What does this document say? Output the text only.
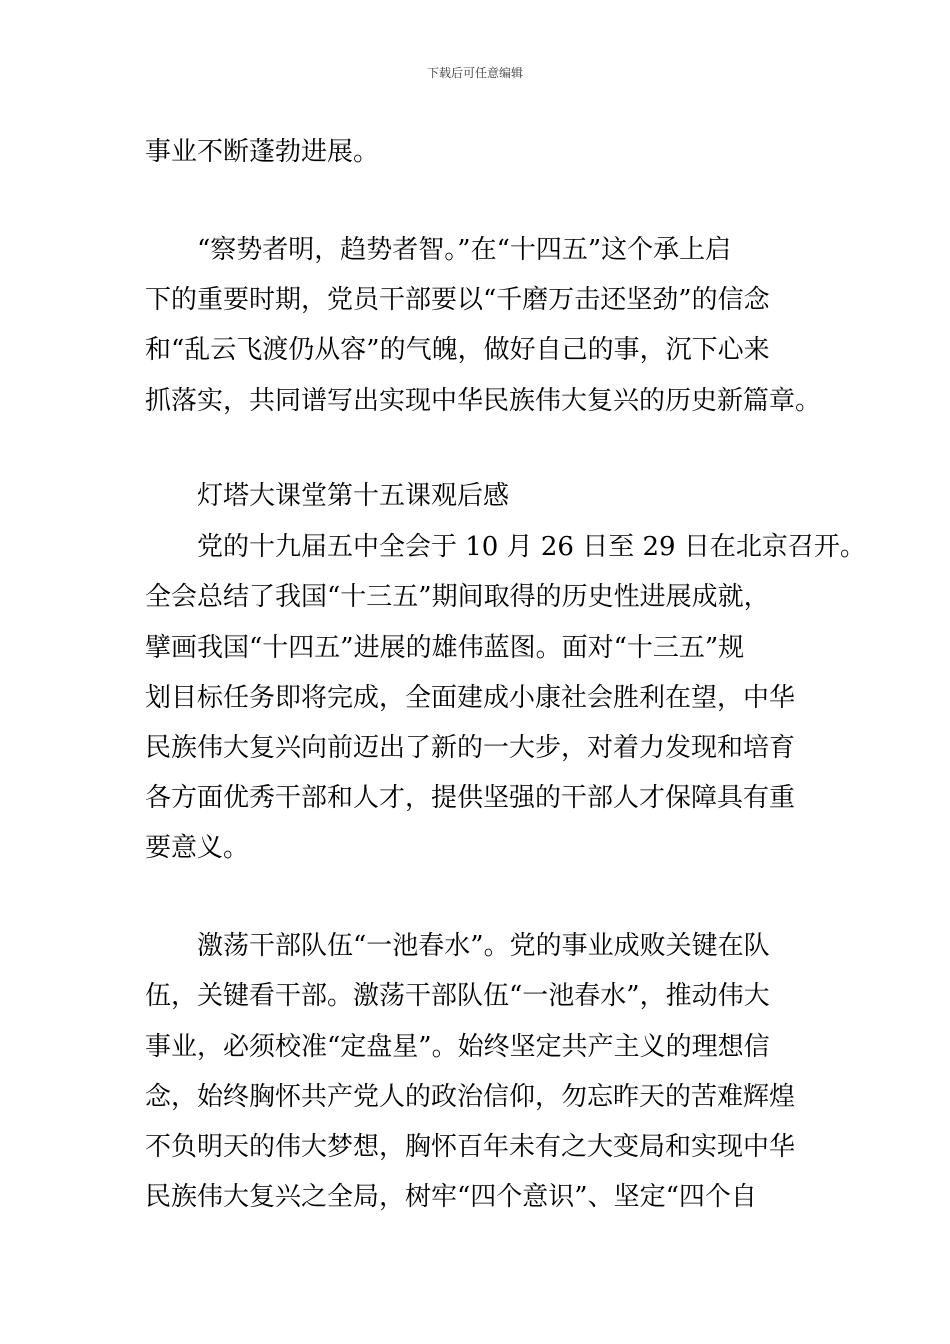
下载后可任意编辑
事业不断蓬勃进展。
“察势者明，趋势者智。”在“十四五”这个承上启
下的重要时期，党员干部要以“千磨万击还坚劲”的信念
和“乱云飞渡仍从容”的气魄，做好自己的事，沉下心来
抓落实，共同谱写出实现中华民族伟大复兴的历史新篇章。
灯塔大课堂第十五课观后感
党的十九届五中全会于 10 月 26 日至 29 日在北京召开。
全会总结了我国“十三五”期间取得的历史性进展成就，
擘画我国“十四五”进展的雄伟蓝图。面对“十三五”规
划目标任务即将完成，全面建成小康社会胜利在望，中华
民族伟大复兴向前迈出了新的一大步，对着力发现和培育
各方面优秀干部和人才，提供坚强的干部人才保障具有重
要意义。
激荡干部队伍“一池春水”。党的事业成败关键在队
伍，关键看干部。激荡干部队伍“一池春水”，推动伟大
事业，必须校准“定盘星”。始终坚定共产主义的理想信
念，始终胸怀共产党人的政治信仰，勿忘昨天的苦难辉煌
不负明天的伟大梦想，胸怀百年未有之大变局和实现中华
民族伟大复兴之全局，树牢“四个意识”、坚定“四个自
